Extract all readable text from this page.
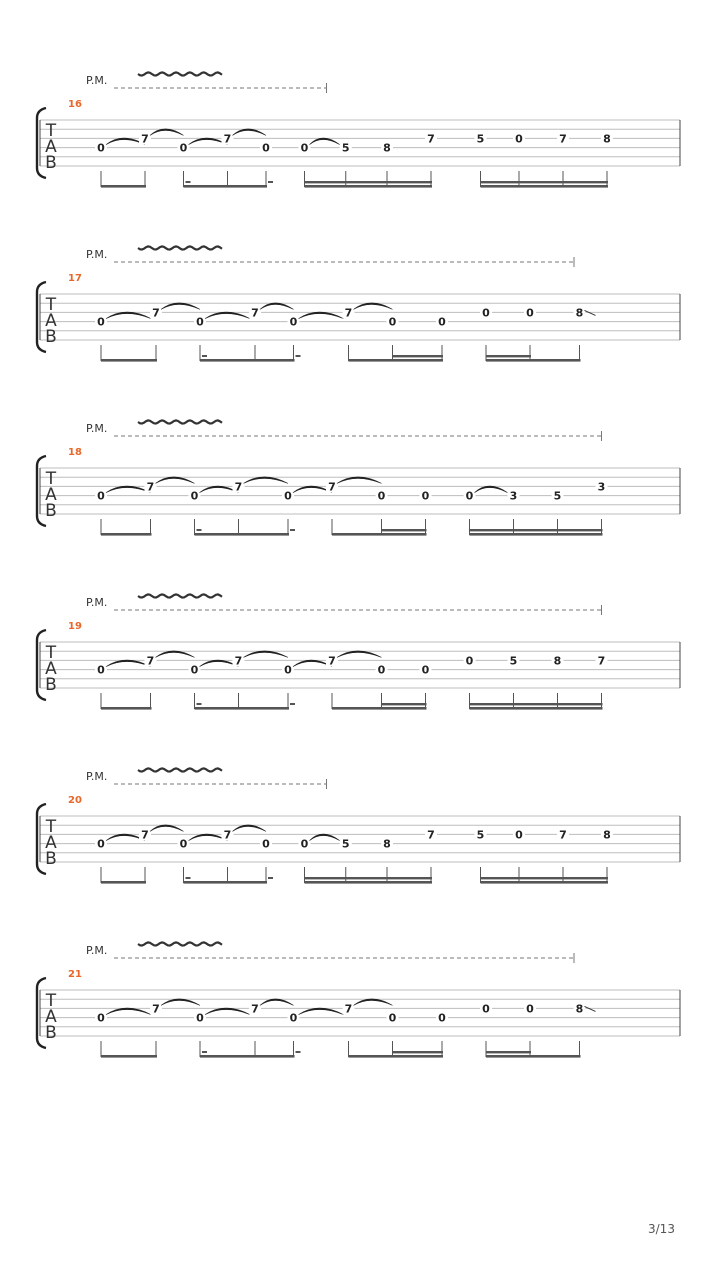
P.M.
16
T
A
B
0
7
0
7
0	0	5	8
7	5	0	7	8
P.M.
17
T
A
B
0
7
0
7
0
7
0	0
0	0	8
P.M.
18
T
A
B
0
7
0
7
0
7
0	0	0	3	5
3
P.M.
19
T
A
B
0
7
0
7
0
7
0	0
0	5	8	7
P.M.
20
T
A
B
0
7
0
7
0	0	5	8
7	5	0	7	8
P.M.
21
T
A
B
0
7
0
7
0
7
0	0
0	0	8
3/13
